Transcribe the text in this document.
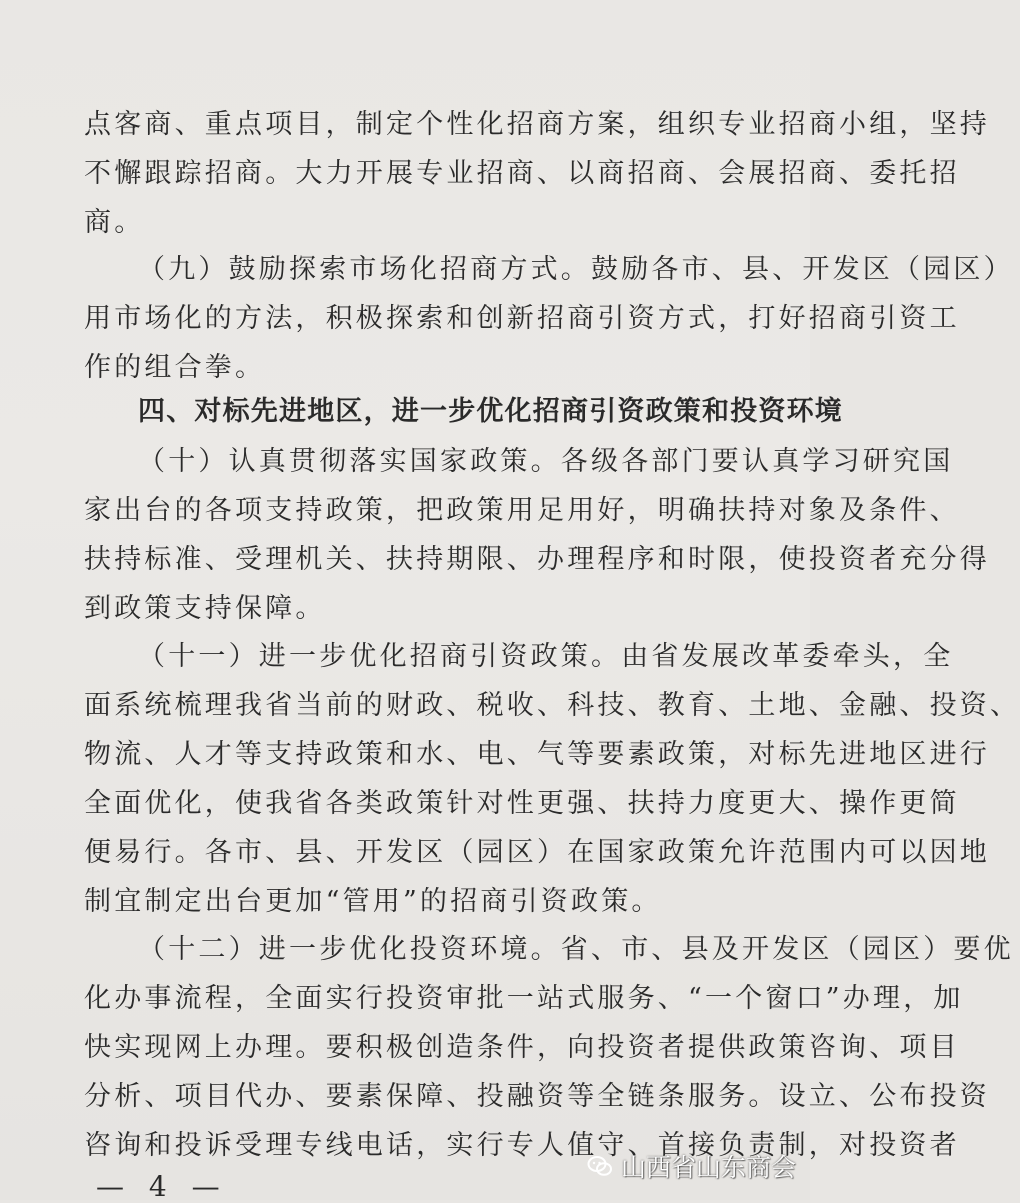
点客商、重点项目，制定个性化招商方案，组织专业招商小组，坚持
不懈跟踪招商。大力开展专业招商、以商招商、会展招商、委托招
商。
（九）鼓励探索市场化招商方式。鼓励各市、县、开发区（园区）
用市场化的方法，积极探索和创新招商引资方式，打好招商引资工
作的组合拳。
四、对标先进地区，进一步优化招商引资政策和投资环境
（十）认真贯彻落实国家政策。各级各部门要认真学习研究国
家出台的各项支持政策，把政策用足用好，明确扶持对象及条件、
扶持标准、受理机关、扶持期限、办理程序和时限，使投资者充分得
到政策支持保障。
（十一）进一步优化招商引资政策。由省发展改革委牵头，全
面系统梳理我省当前的财政、税收、科技、教育、土地、金融、投资、
物流、人才等支持政策和水、电、气等要素政策，对标先进地区进行
全面优化，使我省各类政策针对性更强、扶持力度更大、操作更简
便易行。各市、县、开发区（园区）在国家政策允许范围内可以因地
制宜制定出台更加“管用”的招商引资政策。
（十二）进一步优化投资环境。省、市、县及开发区（园区）要优
化办事流程，全面实行投资审批一站式服务、“一个窗口”办理，加
快实现网上办理。要积极创造条件，向投资者提供政策咨询、项目
分析、项目代办、要素保障、投融资等全链条服务。设立、公布投资
咨询和投诉受理专线电话，实行专人值守、首接负责制，对投资者
— 4 —
山西省山东商会
